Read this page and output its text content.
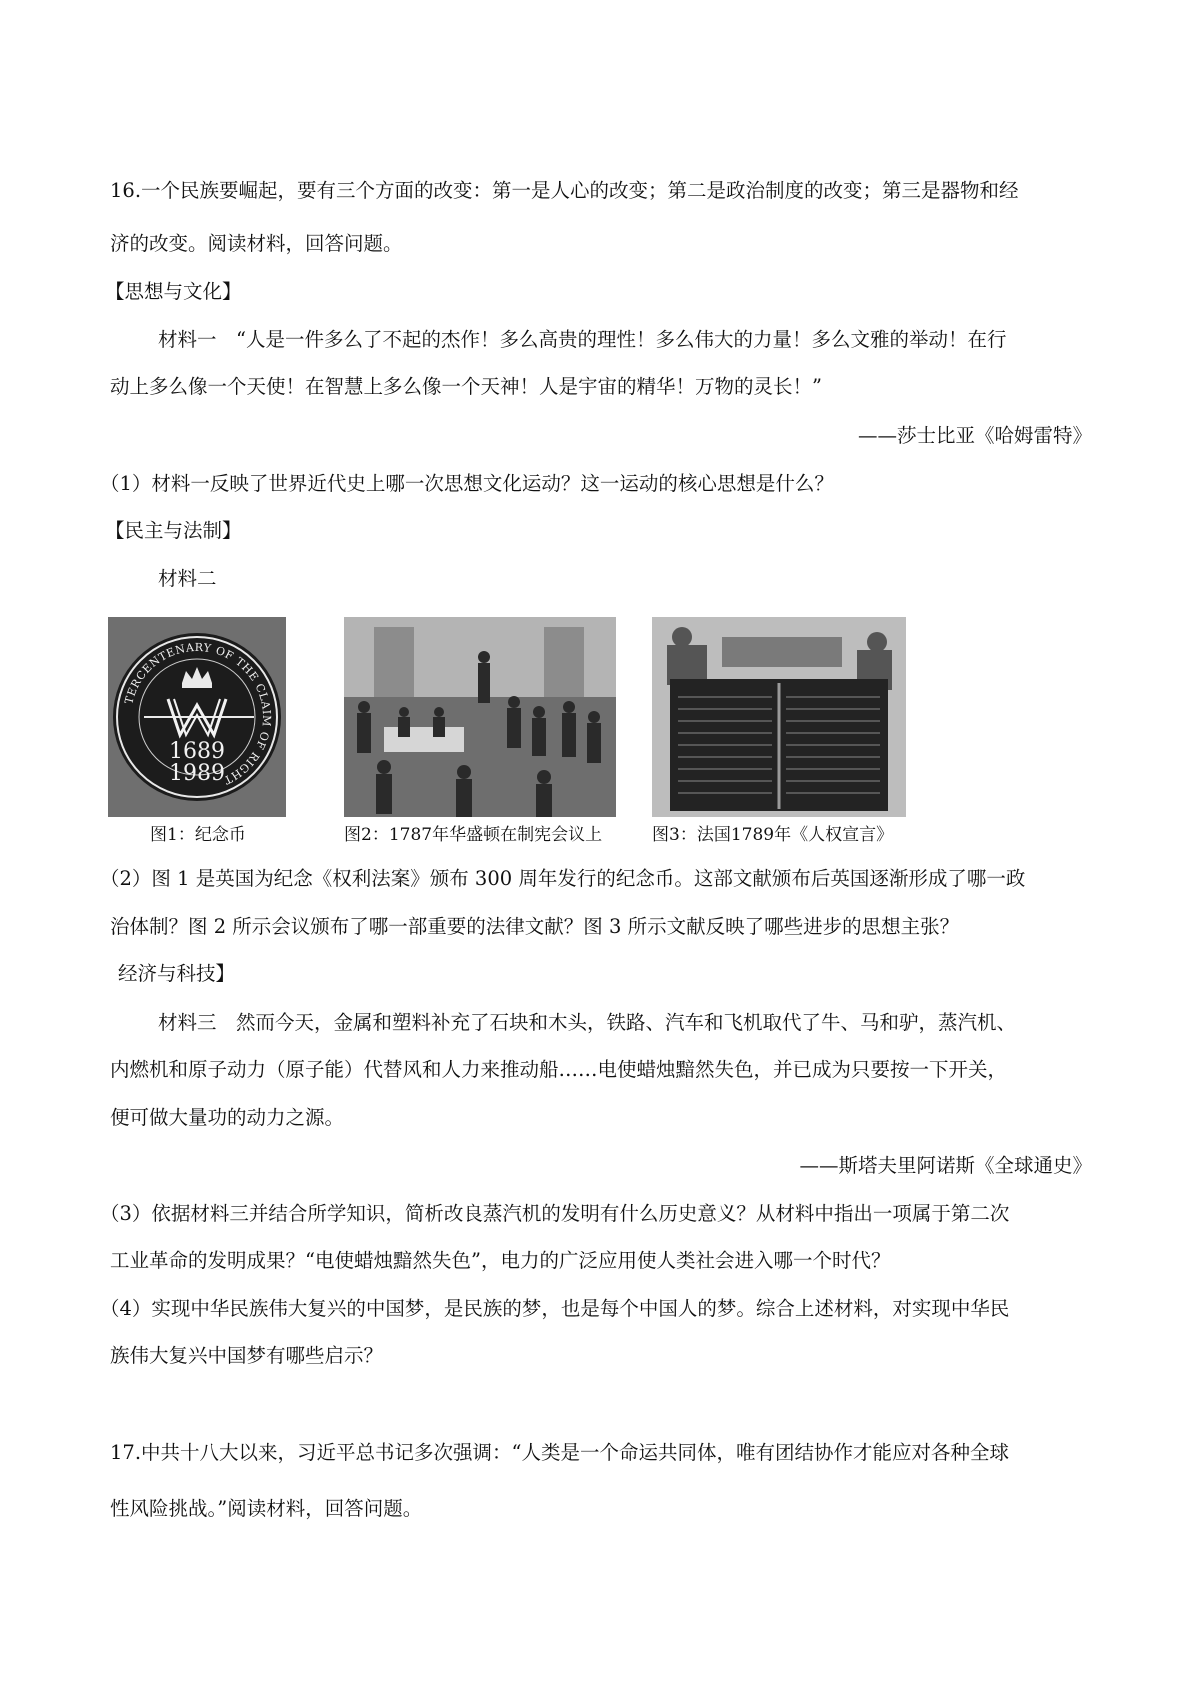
16.一个民族要崛起，要有三个方面的改变：第一是人心的改变；第二是政治制度的改变；第三是器物和经
济的改变。阅读材料，回答问题。
【思想与文化】
材料一　“人是一件多么了不起的杰作！多么高贵的理性！多么伟大的力量！多么文雅的举动！在行
动上多么像一个天使！在智慧上多么像一个天神！人是宇宙的精华！万物的灵长！”
——莎士比亚《哈姆雷特》
（1）材料一反映了世界近代史上哪一次思想文化运动？这一运动的核心思想是什么？
【民主与法制】
材料二
TERCENTENARY OF THE CLAIM OF RIGHT
1689
1989
图1：纪念币	图2：1787年华盛顿在制宪会议上	图3：法国1789年《人权宣言》
（2）图 1 是英国为纪念《权利法案》颁布 300 周年发行的纪念币。这部文献颁布后英国逐渐形成了哪一政
治体制？图 2 所示会议颁布了哪一部重要的法律文献？图 3 所示文献反映了哪些进步的思想主张？
经济与科技】
材料三　然而今天，金属和塑料补充了石块和木头，铁路、汽车和飞机取代了牛、马和驴，蒸汽机、
内燃机和原子动力（原子能）代替风和人力来推动船……电使蜡烛黯然失色，并已成为只要按一下开关，
便可做大量功的动力之源。
——斯塔夫里阿诺斯《全球通史》
（3）依据材料三并结合所学知识，简析改良蒸汽机的发明有什么历史意义？从材料中指出一项属于第二次
工业革命的发明成果？“电使蜡烛黯然失色”，电力的广泛应用使人类社会进入哪一个时代？
（4）实现中华民族伟大复兴的中国梦，是民族的梦，也是每个中国人的梦。综合上述材料，对实现中华民
族伟大复兴中国梦有哪些启示？
17.中共十八大以来，习近平总书记多次强调：“人类是一个命运共同体，唯有团结协作才能应对各种全球
性风险挑战。”阅读材料，回答问题。
